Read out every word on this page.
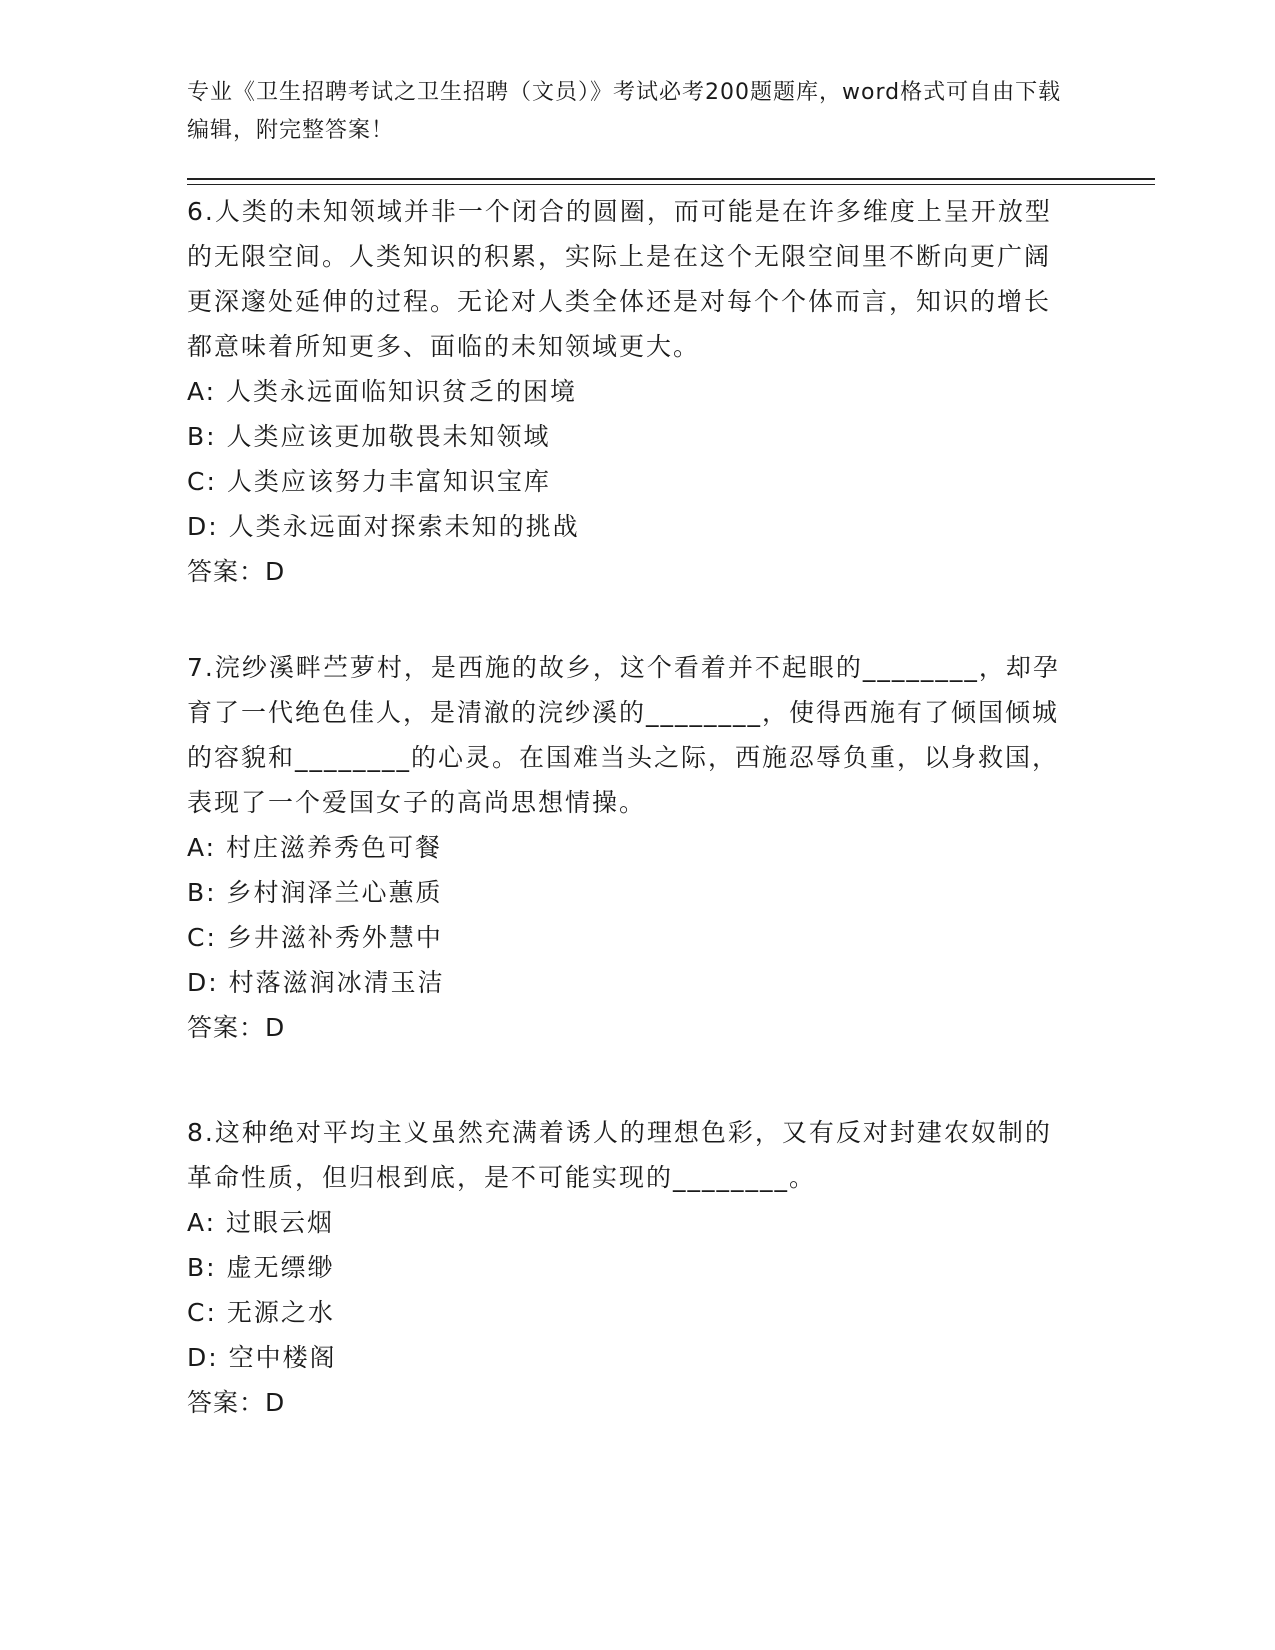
专业《卫生招聘考试之卫生招聘（文员）》考试必考200题题库，word格式可自由下载编辑，附完整答案！
6.人类的未知领域并非一个闭合的圆圈，而可能是在许多维度上呈开放型的无限空间。人类知识的积累，实际上是在这个无限空间里不断向更广阔更深邃处延伸的过程。无论对人类全体还是对每个个体而言，知识的增长都意味着所知更多、面临的未知领域更大。
A: 人类永远面临知识贫乏的困境
B: 人类应该更加敬畏未知领域
C: 人类应该努力丰富知识宝库
D: 人类永远面对探索未知的挑战
答案：D
7.浣纱溪畔苎萝村，是西施的故乡，这个看着并不起眼的________，却孕育了一代绝色佳人，是清澈的浣纱溪的________，使得西施有了倾国倾城的容貌和________的心灵。在国难当头之际，西施忍辱负重，以身救国，表现了一个爱国女子的高尚思想情操。
A: 村庄滋养秀色可餐
B: 乡村润泽兰心蕙质
C: 乡井滋补秀外慧中
D: 村落滋润冰清玉洁
答案：D
8.这种绝对平均主义虽然充满着诱人的理想色彩，又有反对封建农奴制的革命性质，但归根到底，是不可能实现的________。
A: 过眼云烟
B: 虚无缥缈
C: 无源之水
D: 空中楼阁
答案：D
